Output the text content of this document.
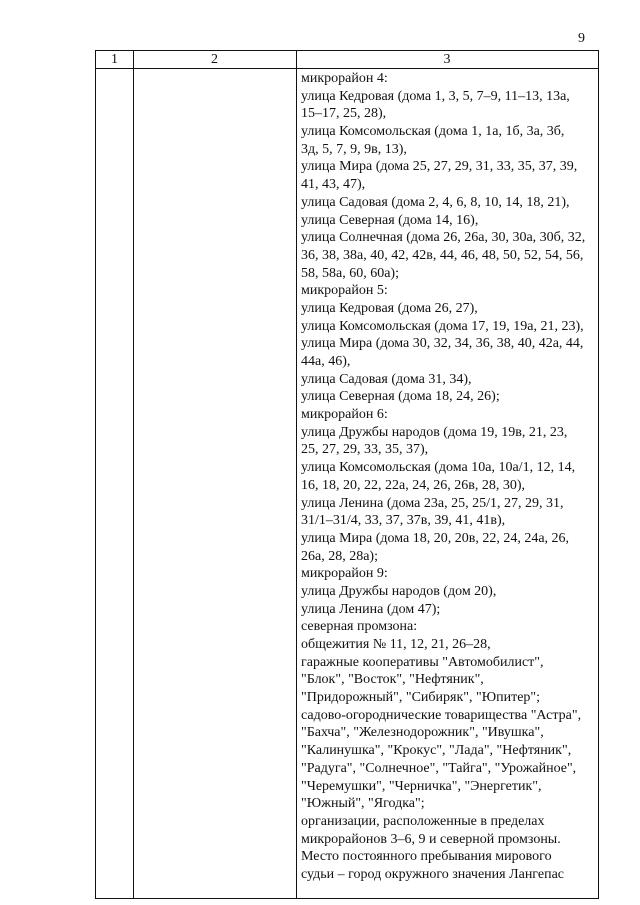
9
1	2	3
микрорайон 4:
улица Кедровая (дома 1, 3, 5, 7–9, 11–13, 13а,
15–17, 25, 28),
улица Комсомольская (дома 1, 1а, 1б, 3а, 3б,
3д, 5, 7, 9, 9в, 13),
улица Мира (дома 25, 27, 29, 31, 33, 35, 37, 39,
41, 43, 47),
улица Садовая (дома 2, 4, 6, 8, 10, 14, 18, 21),
улица Северная (дома 14, 16),
улица Солнечная (дома 26, 26а, 30, 30а, 30б, 32,
36, 38, 38а, 40, 42, 42в, 44, 46, 48, 50, 52, 54, 56,
58, 58а, 60, 60а);
микрорайон 5:
улица Кедровая (дома 26, 27),
улица Комсомольская (дома 17, 19, 19а, 21, 23),
улица Мира (дома 30, 32, 34, 36, 38, 40, 42а, 44,
44а, 46),
улица Садовая (дома 31, 34),
улица Северная (дома 18, 24, 26);
микрорайон 6:
улица Дружбы народов (дома 19, 19в, 21, 23,
25, 27, 29, 33, 35, 37),
улица Комсомольская (дома 10а, 10а/1, 12, 14,
16, 18, 20, 22, 22а, 24, 26, 26в, 28, 30),
улица Ленина (дома 23а, 25, 25/1, 27, 29, 31,
31/1–31/4, 33, 37, 37в, 39, 41, 41в),
улица Мира (дома 18, 20, 20в, 22, 24, 24а, 26,
26а, 28, 28а);
микрорайон 9:
улица Дружбы народов (дом 20),
улица Ленина (дом 47);
северная промзона:
общежития № 11, 12, 21, 26–28,
гаражные кооперативы "Автомобилист",
"Блок", "Восток", "Нефтяник",
"Придорожный", "Сибиряк", "Юпитер";
садово-огороднические товарищества "Астра",
"Бахча", "Железнодорожник", "Ивушка",
"Калинушка", "Крокус", "Лада", "Нефтяник",
"Радуга", "Солнечное", "Тайга", "Урожайное",
"Черемушки", "Черничка", "Энергетик",
"Южный", "Ягодка";
организации, расположенные в пределах
микрорайонов 3–6, 9 и северной промзоны.
Место постоянного пребывания мирового
судьи – город окружного значения Лангепас
